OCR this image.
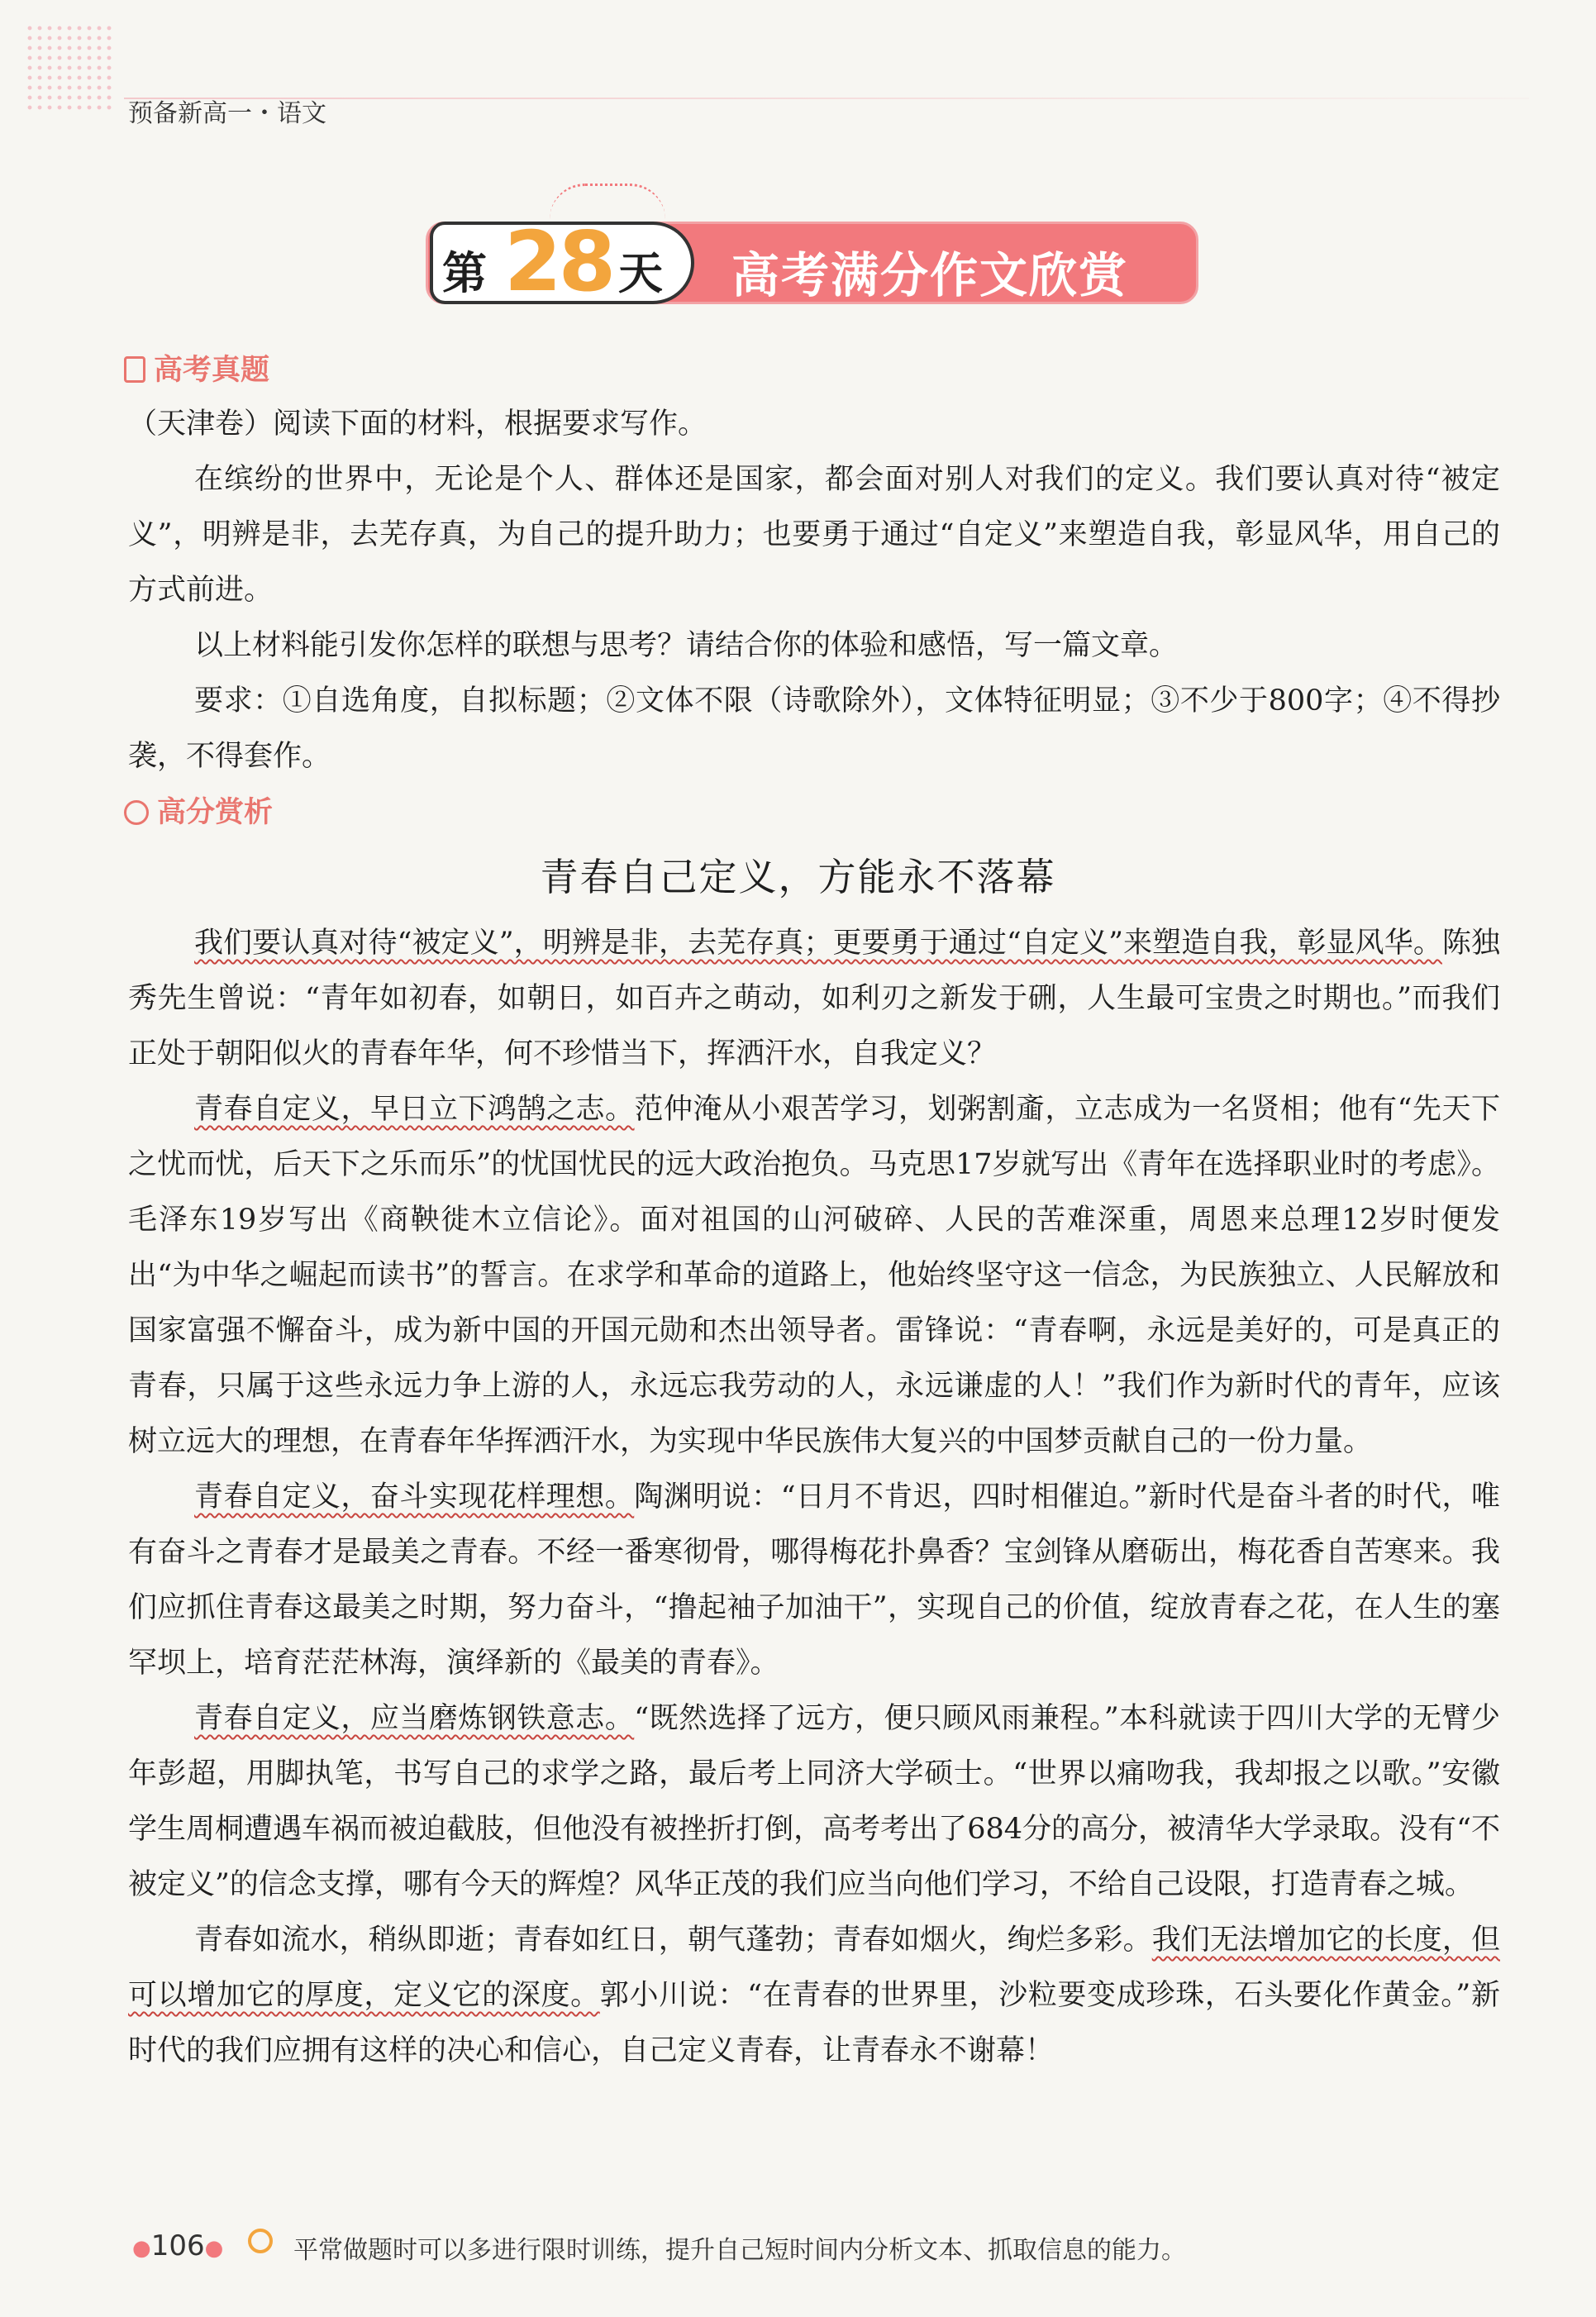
预备新高一・语文
第 28 天 高考满分作文欣赏
高考真题

（天津卷）阅读下面的材料，根据要求写作。

在缤纷的世界中，无论是个人、群体还是国家，都会面对别人对我们的定义。我们要认真对待“被定义”，明辨是非，去芜存真，为自己的提升助力；也要勇于通过“自定义”来塑造自我，彰显风华，用自己的方式前进。

以上材料能引发你怎样的联想与思考？请结合你的体验和感悟，写一篇文章。

要求：①自选角度，自拟标题；②文体不限（诗歌除外），文体特征明显；③不少于800字；④不得抄袭，不得套作。

高分赏析
青春自己定义，方能永不落幕

我们要认真对待“被定义”，明辨是非，去芜存真；更要勇于通过“自定义”来塑造自我，彰显风华。陈独秀先生曾说：“青年如初春，如朝日，如百卉之萌动，如利刃之新发于硎，人生最可宝贵之时期也。”而我们正处于朝阳似火的青春年华，何不珍惜当下，挥洒汗水，自我定义？

青春自定义，早日立下鸿鹄之志。范仲淹从小艰苦学习，划粥割齑，立志成为一名贤相；他有“先天下之忧而忧，后天下之乐而乐”的忧国忧民的远大政治抱负。马克思17岁就写出《青年在选择职业时的考虑》。毛泽东19岁写出《商鞅徙木立信论》。面对祖国的山河破碎、人民的苦难深重，周恩来总理12岁时便发出“为中华之崛起而读书”的誓言。在求学和革命的道路上，他始终坚守这一信念，为民族独立、人民解放和国家富强不懈奋斗，成为新中国的开国元勋和杰出领导者。雷锋说：“青春啊，永远是美好的，可是真正的青春，只属于这些永远力争上游的人，永远忘我劳动的人，永远谦虚的人！”我们作为新时代的青年，应该树立远大的理想，在青春年华挥洒汗水，为实现中华民族伟大复兴的中国梦贡献自己的一份力量。

青春自定义，奋斗实现花样理想。陶渊明说：“日月不肯迟，四时相催迫。”新时代是奋斗者的时代，唯有奋斗之青春才是最美之青春。不经一番寒彻骨，哪得梅花扑鼻香？宝剑锋从磨砺出，梅花香自苦寒来。我们应抓住青春这最美之时期，努力奋斗，“撸起袖子加油干”，实现自己的价值，绽放青春之花，在人生的塞罕坝上，培育茫茫林海，演绎新的《最美的青春》。

青春自定义，应当磨炼钢铁意志。“既然选择了远方，便只顾风雨兼程。”本科就读于四川大学的无臂少年彭超，用脚执笔，书写自己的求学之路，最后考上同济大学硕士。“世界以痛吻我，我却报之以歌。”安徽学生周桐遭遇车祸而被迫截肢，但他没有被挫折打倒，高考考出了684分的高分，被清华大学录取。没有“不被定义”的信念支撑，哪有今天的辉煌？风华正茂的我们应当向他们学习，不给自己设限，打造青春之城。

青春如流水，稍纵即逝；青春如红日，朝气蓬勃；青春如烟火，绚烂多彩。我们无法增加它的长度，但可以增加它的厚度，定义它的深度。郭小川说：“在青春的世界里，沙粒要变成珍珠，石头要化作黄金。”新时代的我们应拥有这样的决心和信心，自己定义青春，让青春永不谢幕！

●106●	平常做题时可以多进行限时训练，提升自己短时间内分析文本、抓取信息的能力。
